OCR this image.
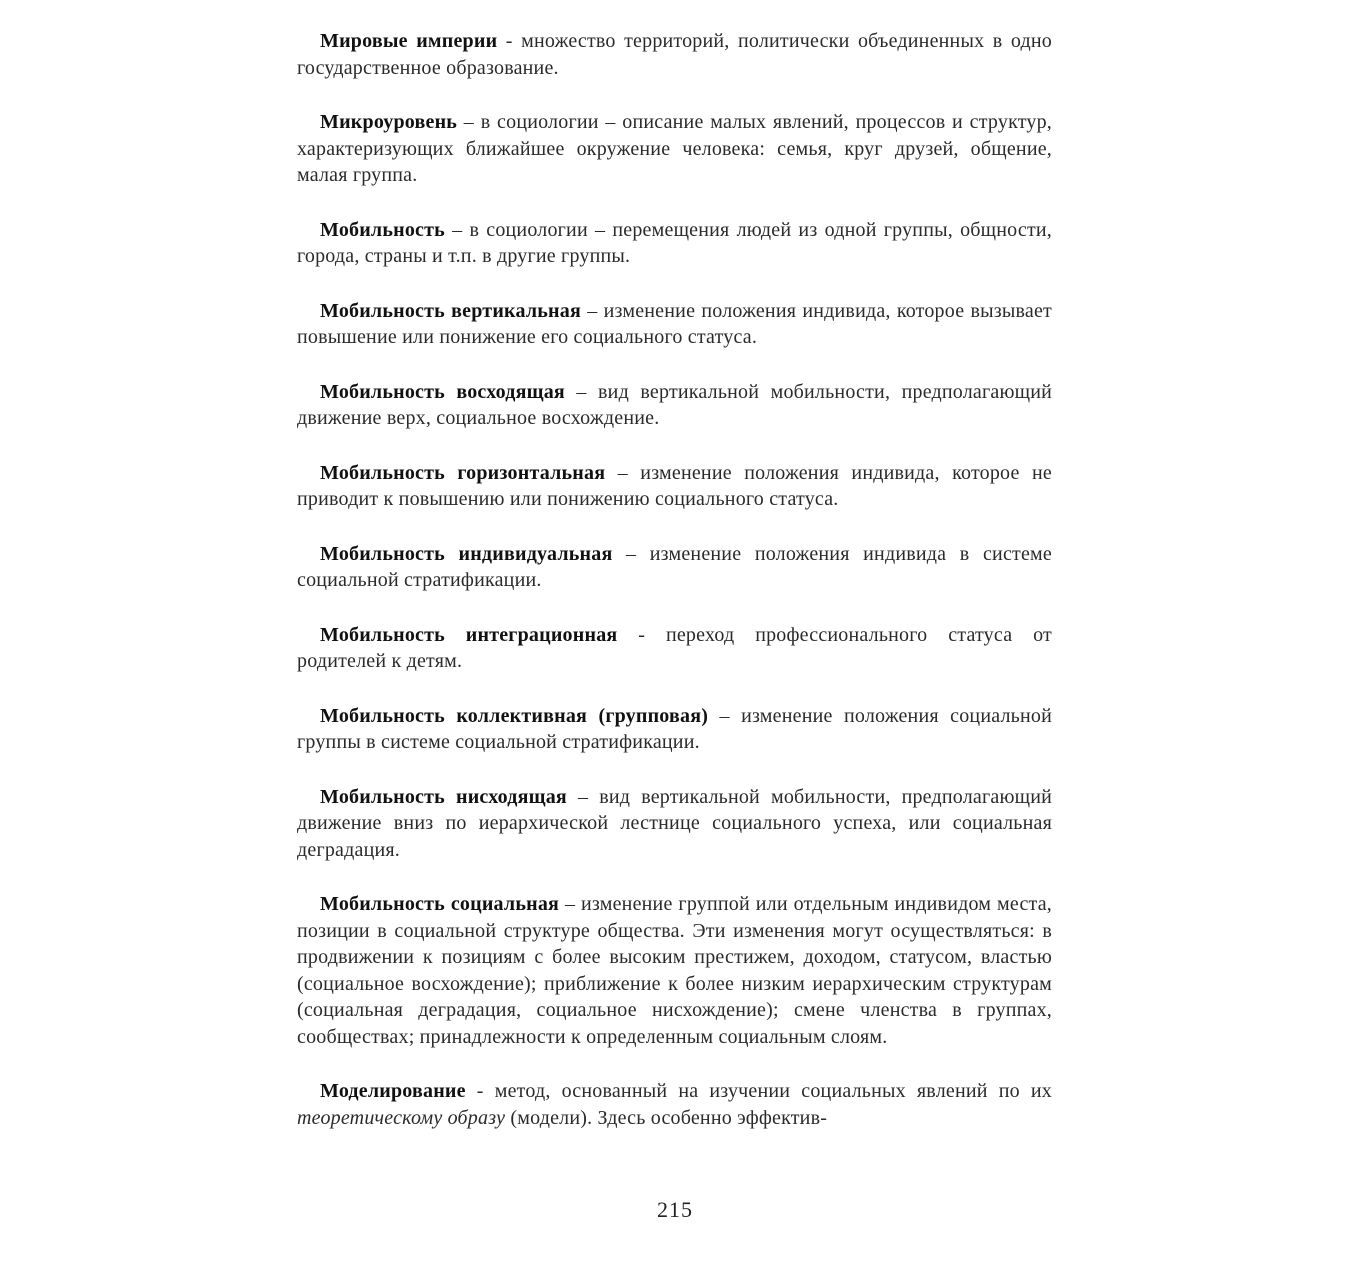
Мировые империи - множество территорий, политически объединенных в одно государственное образование.

Микроуровень – в социологии – описание малых явлений, процессов и структур, характеризующих ближайшее окружение человека: семья, круг друзей, общение, малая группа.

Мобильность – в социологии – перемещения людей из одной группы, общности, города, страны и т.п. в другие группы.

Мобильность вертикальная – изменение положения индивида, которое вызывает повышение или понижение его социального статуса.

Мобильность восходящая – вид вертикальной мобильности, предполагающий движение верх, социальное восхождение.

Мобильность горизонтальная – изменение положения индивида, которое не приводит к повышению или понижению социального статуса.

Мобильность индивидуальная – изменение положения индивида в системе социальной стратификации.

Мобильность интеграционная - переход профессионального статуса от родителей к детям.

Мобильность коллективная (групповая) – изменение положения социальной группы в системе социальной стратификации.

Мобильность нисходящая – вид вертикальной мобильности, предполагающий движение вниз по иерархической лестнице социального успеха, или социальная деградация.

Мобильность социальная – изменение группой или отдельным индивидом места, позиции в социальной структуре общества. Эти изменения могут осуществляться: в продвижении к позициям с более высоким престижем, доходом, статусом, властью (социальное восхождение); приближение к более низким иерархическим структурам (социальная деградация, социальное нисхождение); смене членства в группах, сообществах; принадлежности к определенным социальным слоям.

Моделирование - метод, основанный на изучении социальных явлений по их теоретическому образу (модели). Здесь особенно эффектив-

215
